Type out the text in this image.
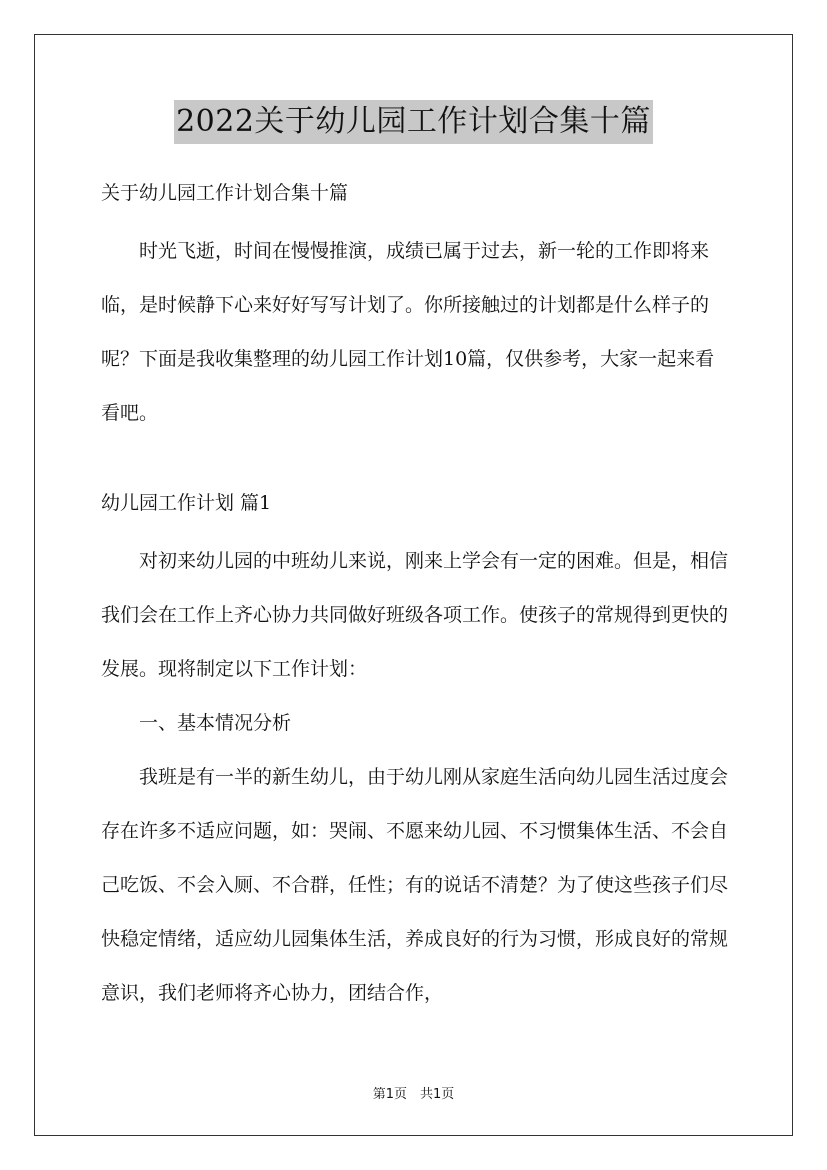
2022关于幼儿园工作计划合集十篇

关于幼儿园工作计划合集十篇

时光飞逝，时间在慢慢推演，成绩已属于过去，新一轮的工作即将来临，是时候静下心来好好写写计划了。你所接触过的计划都是什么样子的呢？下面是我收集整理的幼儿园工作计划10篇，仅供参考，大家一起来看看吧。

幼儿园工作计划 篇1

对初来幼儿园的中班幼儿来说，刚来上学会有一定的困难。但是，相信我们会在工作上齐心协力共同做好班级各项工作。使孩子的常规得到更快的发展。现将制定以下工作计划：

一、基本情况分析

我班是有一半的新生幼儿，由于幼儿刚从家庭生活向幼儿园生活过度会存在许多不适应问题，如：哭闹、不愿来幼儿园、不习惯集体生活、不会自己吃饭、不会入厕、不合群，任性；有的说话不清楚？为了使这些孩子们尽快稳定情绪，适应幼儿园集体生活，养成良好的行为习惯，形成良好的常规意识，我们老师将齐心协力，团结合作，

第1页　共1页
